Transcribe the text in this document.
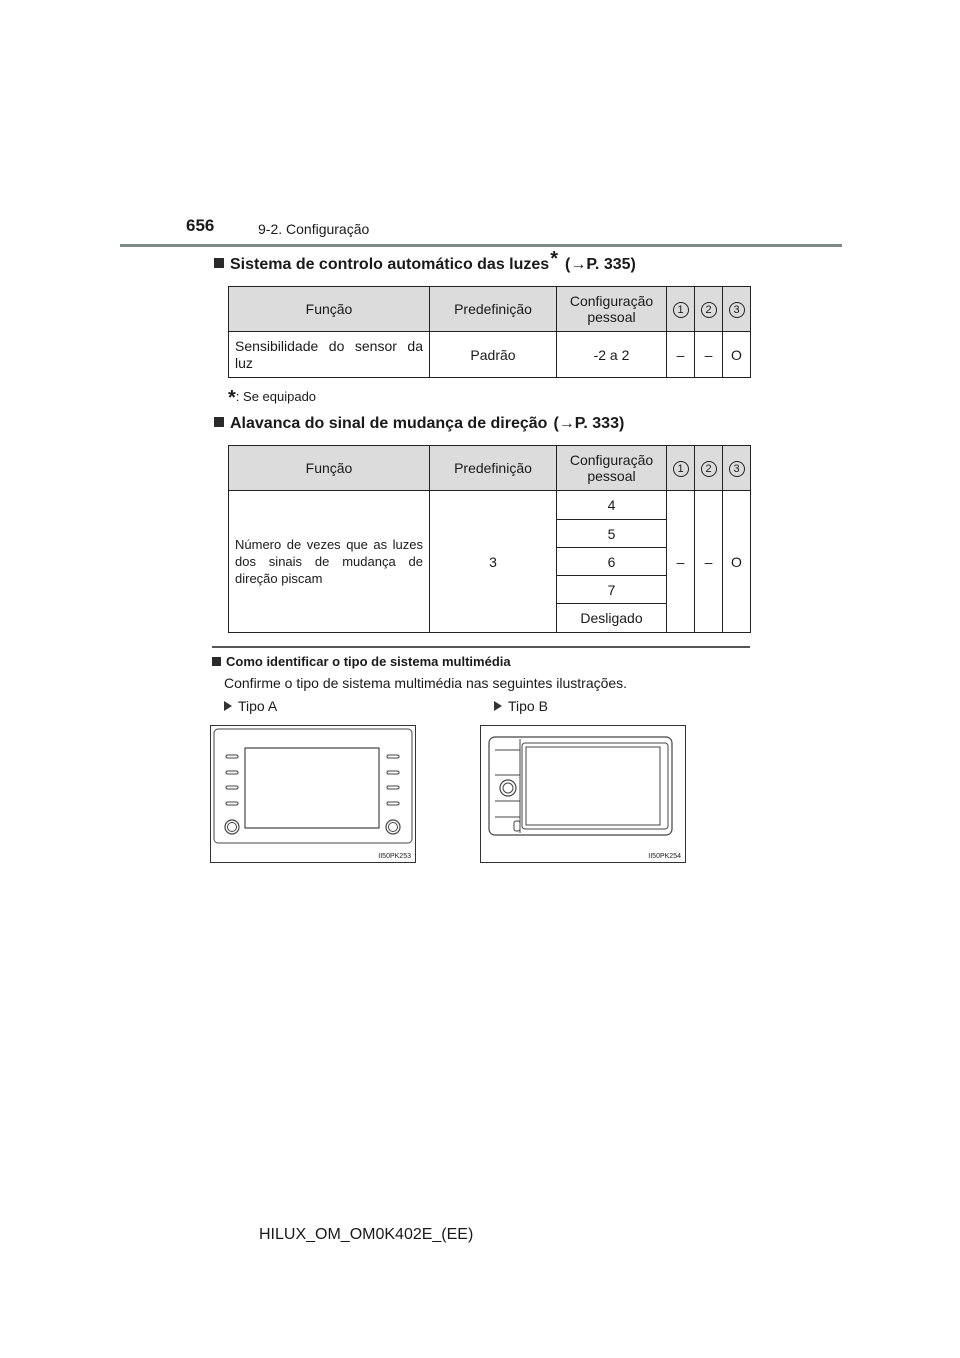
656	9-2. Configuração
Sistema de controlo automático das luzes * (→P. 335)
Função	Predefinição	Configuração pessoal	1	2	3
Sensibilidade do sensor da luz	Padrão	-2 a 2	–	–	O
*: Se equipado
Alavanca do sinal de mudança de direção (→P. 333)
Função	Predefinição	Configuração pessoal	1	2	3
Número de vezes que as luzes dos sinais de mudança de direção piscam	3	4	–	–	O
		5			
		6			
		7			
		Desligado			
Como identificar o tipo de sistema multimédia
Confirme o tipo de sistema multimédia nas seguintes ilustrações.
Tipo A	Tipo B
II50PK253	II50PK254
HILUX_OM_OM0K402E_(EE)
